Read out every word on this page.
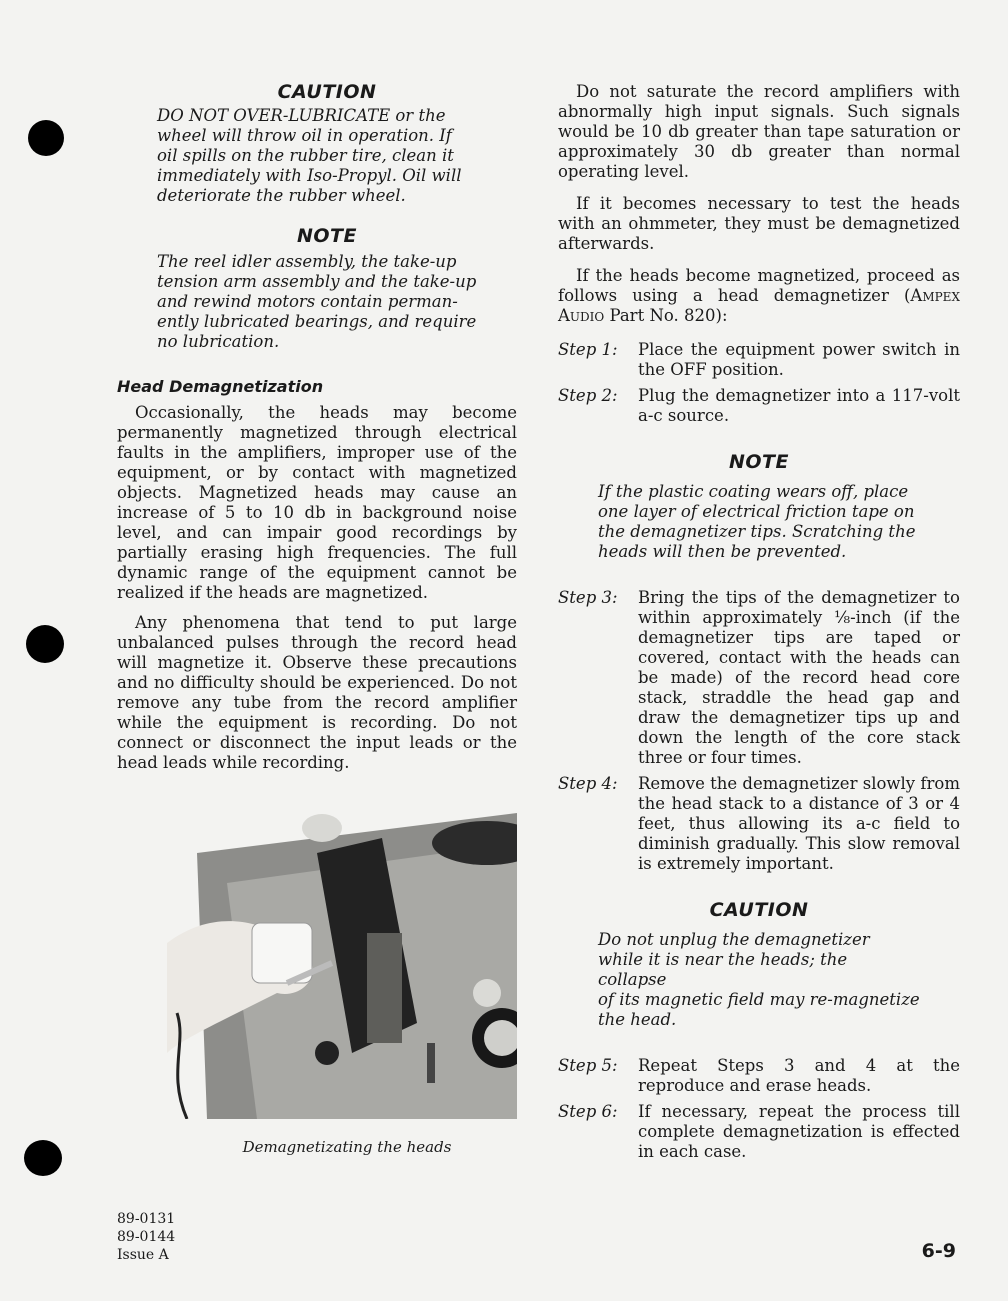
CAUTION

DO NOT OVER-LUBRICATE or the

wheel will throw oil in operation. If

oil spills on the rubber tire, clean it

immediately with Iso-Propyl. Oil will

deteriorate the rubber wheel.

NOTE

The reel idler assembly, the take-up

tension arm assembly and the take-up

and rewind motors contain perman-

ently lubricated bearings, and require

no lubrication.

Head Demagnetization

Occasionally, the heads may become permanently magnetized through electrical faults in the amplifiers, improper use of the equipment, or by contact with magnetized objects. Magnetized heads may cause an increase of 5 to 10 db in background noise level, and can impair good recordings by partially erasing high frequencies. The full dynamic range of the equipment cannot be realized if the heads are magnetized.

Any phenomena that tend to put large unbalanced pulses through the record head will magnetize it. Observe these precautions and no difficulty should be experienced. Do not remove any tube from the record amplifier while the equipment is recording. Do not connect or disconnect the input leads or the head leads while recording.

Demagnetizating the heads

Do not saturate the record amplifiers with abnormally high input signals. Such signals would be 10 db greater than tape saturation or approximately 30 db greater than normal operating level.

If it becomes necessary to test the heads with an ohmmeter, they must be demagnetized afterwards.

If the heads become magnetized, proceed as follows using a head demagnetizer (Ampex Audio Part No. 820):

Step 1:	Place the equipment power switch in the OFF position.
Step 2:	Plug the demagnetizer into a 117-volt a-c source.
NOTE

If the plastic coating wears off, place

one layer of electrical friction tape on

the demagnetizer tips. Scratching the

heads will then be prevented.

Step 3:	Bring the tips of the demagnetizer to within approximately ⅛-inch (if the demagnetizer tips are taped or covered, contact with the heads can be made) of the record head core stack, straddle the head gap and draw the demagnetizer tips up and down the length of the core stack three or four times.
Step 4:	Remove the demagnetizer slowly from the head stack to a distance of 3 or 4 feet, thus allowing its a-c field to diminish gradually. This slow removal is extremely important.
CAUTION

Do not unplug the demagnetizer

while it is near the heads; the collapse

of its magnetic field may re-magnetize

the head.

Step 5:	Repeat Steps 3 and 4 at the reproduce and erase heads.
Step 6:	If necessary, repeat the process till complete demagnetization is effected in each case.
89-0131
89-0144
Issue A	6-9
